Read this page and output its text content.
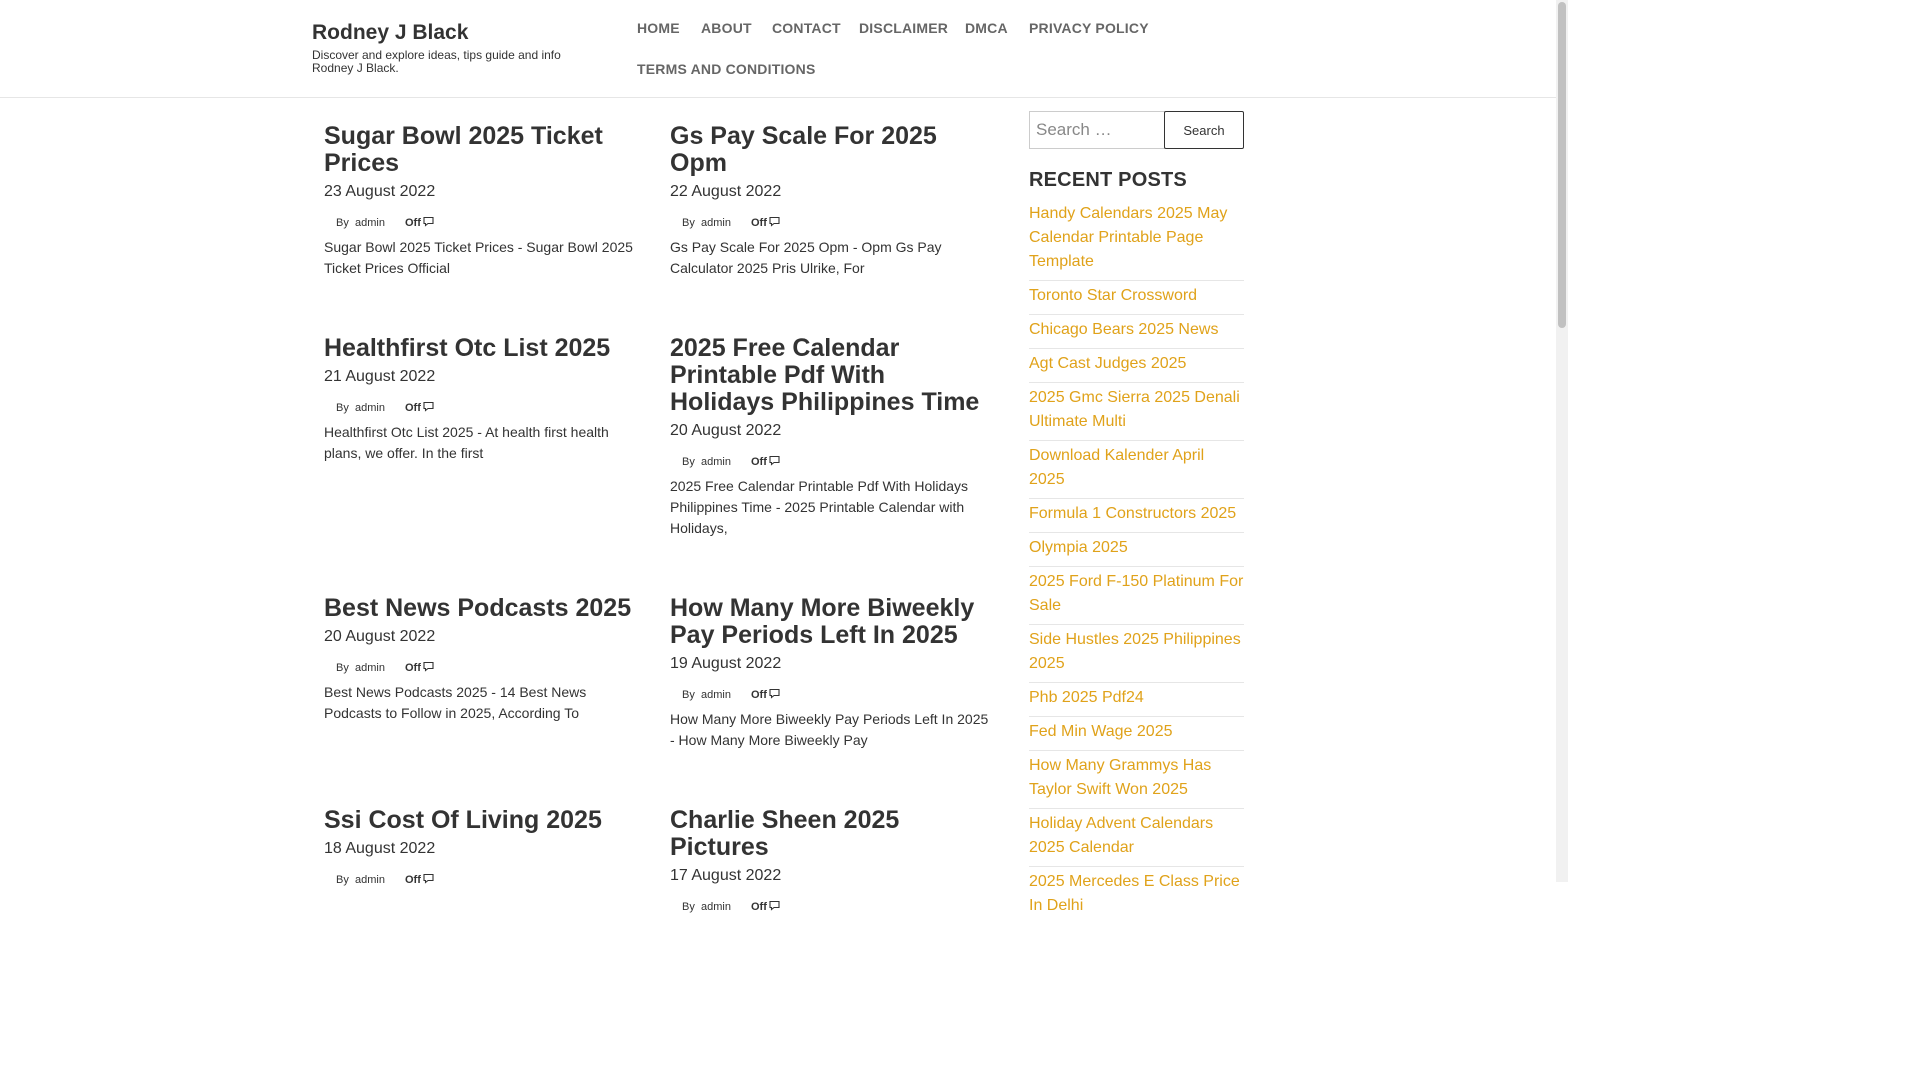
Rodney J Black
Discover and explore ideas, tips guide and info Rodney J Black.
HOME ABOUT CONTACT DISCLAIMER DMCA PRIVACY POLICY
TERMS AND CONDITIONS
Sugar Bowl 2025 Ticket Prices
23 August 2022
By admin Off
Sugar Bowl 2025 Ticket Prices - Sugar Bowl 2025 Ticket Prices Official
Gs Pay Scale For 2025 Opm
22 August 2022
By admin Off
Gs Pay Scale For 2025 Opm - Opm Gs Pay Calculator 2025 Pris Ulrike, For
Healthfirst Otc List 2025
21 August 2022
By admin Off
Healthfirst Otc List 2025 - At health first health plans, we offer. In the first
2025 Free Calendar Printable Pdf With Holidays Philippines Time
20 August 2022
By admin Off
2025 Free Calendar Printable Pdf With Holidays Philippines Time - 2025 Printable Calendar with Holidays,
Best News Podcasts 2025
20 August 2022
By admin Off
Best News Podcasts 2025 - 14 Best News Podcasts to Follow in 2025, According To
How Many More Biweekly Pay Periods Left In 2025
19 August 2022
By admin Off
How Many More Biweekly Pay Periods Left In 2025 - How Many More Biweekly Pay
Ssi Cost Of Living 2025
18 August 2022
By admin Off
Charlie Sheen 2025 Pictures
17 August 2022
By admin Off
Search …
Search
RECENT POSTS
Handy Calendars 2025 May Calendar Printable Page Template
Toronto Star Crossword
Chicago Bears 2025 News
Agt Cast Judges 2025
2025 Gmc Sierra 2025 Denali Ultimate Multi
Download Kalender April 2025
Formula 1 Constructors 2025
Olympia 2025
2025 Ford F-150 Platinum For Sale
Side Hustles 2025 Philippines 2025
Phb 2025 Pdf24
Fed Min Wage 2025
How Many Grammys Has Taylor Swift Won 2025
Holiday Advent Calendars 2025 Calendar
2025 Mercedes E Class Price In Delhi
